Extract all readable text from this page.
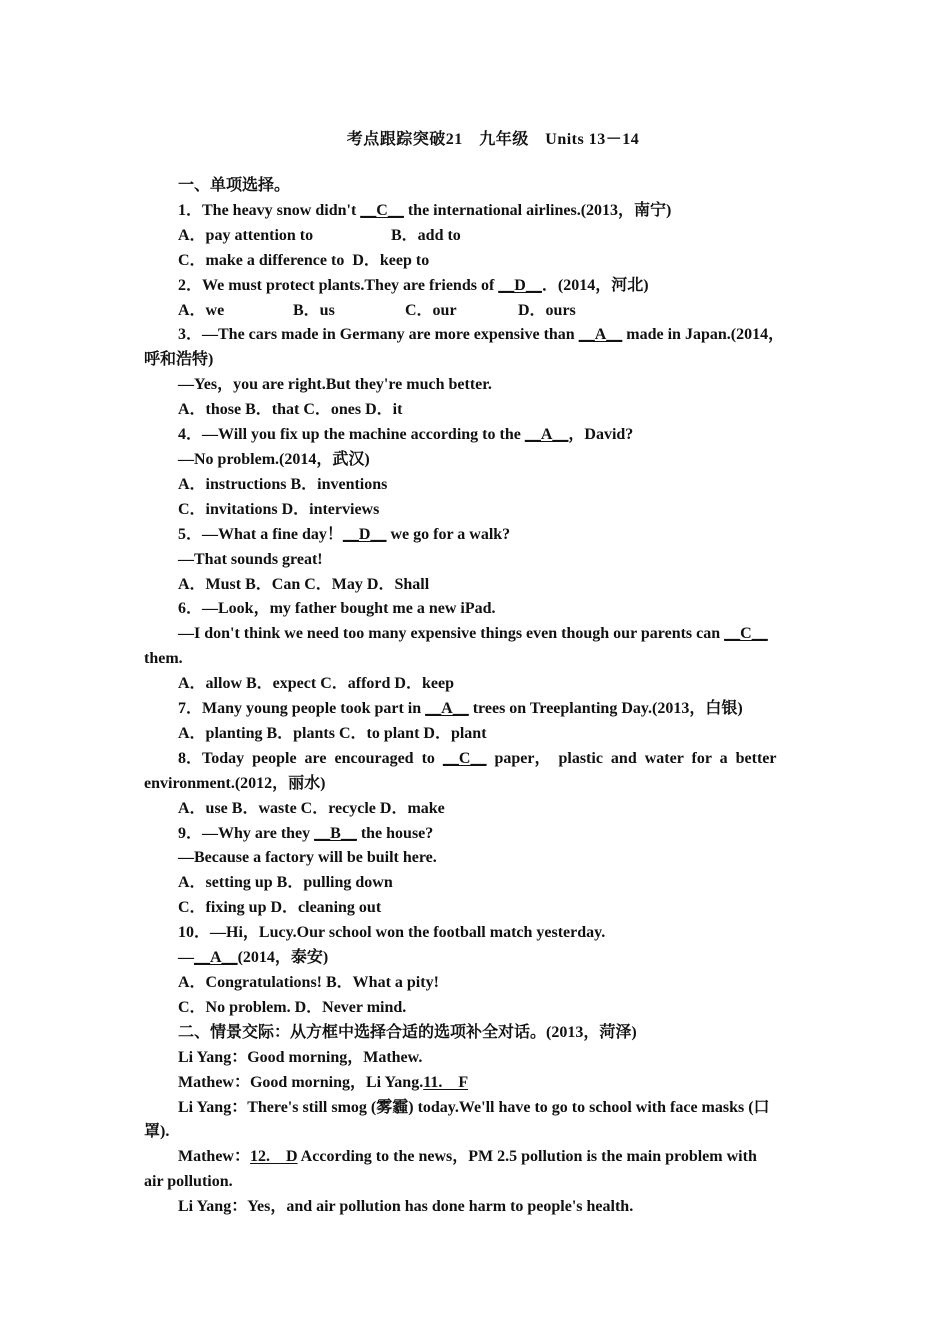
考点跟踪突破21　九年级　Units 13－14
一、单项选择。
1．The heavy snow didn't __C__ the international airlines.(2013，南宁)
A．pay attention to	B．add to
C．make a difference to D．keep to
2．We must protect plants.They are friends of __D__．(2014，河北)
A．we	B．us	C．our	D．ours
3．—The cars made in Germany are more expensive than __A__ made in Japan.(2014，
呼和浩特)
—Yes，you are right.But they're much better.
A．those B．that C．ones D．it
4．—Will you fix up the machine according to the __A__，David?
—No problem.(2014，武汉)
A．instructions B．inventions
C．invitations D．interviews
5．—What a fine day！__D__ we go for a walk?
—That sounds great!
A．Must B．Can C．May D．Shall
6．—Look，my father bought me a new iPad.
—I don't think we need too many expensive things even though our parents can __C__
them.
A．allow B．expect C．afford D．keep
7．Many young people took part in __A__ trees on Treeplanting Day.(2013，白银)
A．planting B．plants C．to plant D．plant
8．Today people are encouraged to __C__ paper， plastic and water for a better
environment.(2012，丽水)
A．use B．waste C．recycle D．make
9．—Why are they __B__ the house?
—Because a factory will be built here.
A．setting up B．pulling down
C．fixing up D．cleaning out
10．—Hi，Lucy.Our school won the football match yesterday.
—__A__(2014，泰安)
A．Congratulations! B．What a pity!
C．No problem. D．Never mind.
二、情景交际：从方框中选择合适的选项补全对话。(2013，菏泽)
Li Yang：Good morning，Mathew.
Mathew：Good morning，Li Yang.11.　F
Li Yang：There's still smog (雾霾) today.We'll have to go to school with face masks (口
罩).
Mathew：12.　D According to the news，PM 2.5 pollution is the main problem with
air pollution.
Li Yang：Yes，and air pollution has done harm to people's health.
